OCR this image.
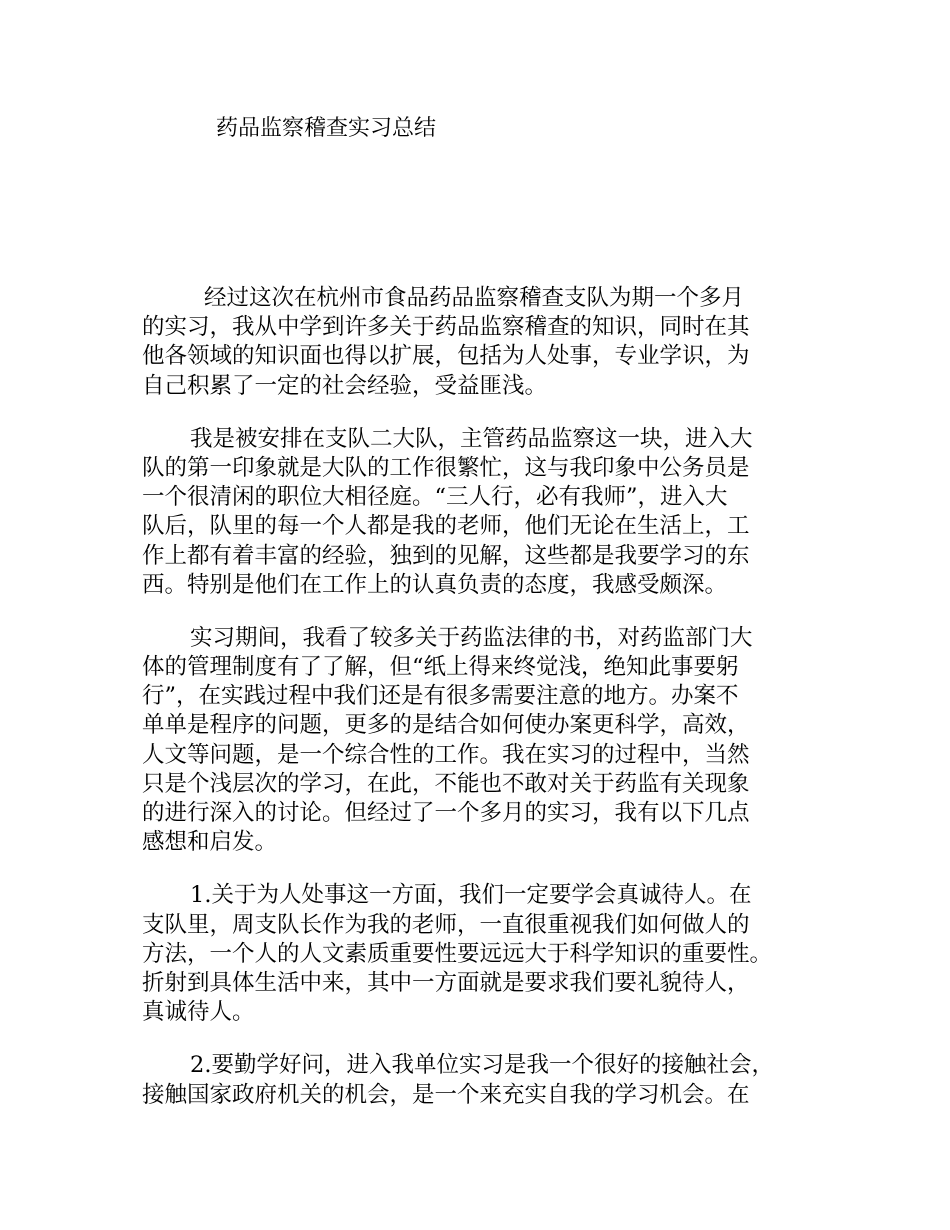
药品监察稽查实习总结
经过这次在杭州市食品药品监察稽查支队为期一个多月
的实习，我从中学到许多关于药品监察稽查的知识，同时在其
他各领域的知识面也得以扩展，包括为人处事，专业学识，为
自己积累了一定的社会经验，受益匪浅。
我是被安排在支队二大队，主管药品监察这一块，进入大
队的第一印象就是大队的工作很繁忙，这与我印象中公务员是
一个很清闲的职位大相径庭。“三人行，必有我师”，进入大
队后，队里的每一个人都是我的老师，他们无论在生活上，工
作上都有着丰富的经验，独到的见解，这些都是我要学习的东
西。特别是他们在工作上的认真负责的态度，我感受颇深。
实习期间，我看了较多关于药监法律的书，对药监部门大
体的管理制度有了了解，但“纸上得来终觉浅，绝知此事要躬
行”，在实践过程中我们还是有很多需要注意的地方。办案不
单单是程序的问题，更多的是结合如何使办案更科学，高效，
人文等问题，是一个综合性的工作。我在实习的过程中，当然
只是个浅层次的学习，在此，不能也不敢对关于药监有关现象
的进行深入的讨论。但经过了一个多月的实习，我有以下几点
感想和启发。
1.关于为人处事这一方面，我们一定要学会真诚待人。在
支队里，周支队长作为我的老师，一直很重视我们如何做人的
方法，一个人的人文素质重要性要远远大于科学知识的重要性。
折射到具体生活中来，其中一方面就是要求我们要礼貌待人，
真诚待人。
2.要勤学好问，进入我单位实习是我一个很好的接触社会，
接触国家政府机关的机会，是一个来充实自我的学习机会。在
